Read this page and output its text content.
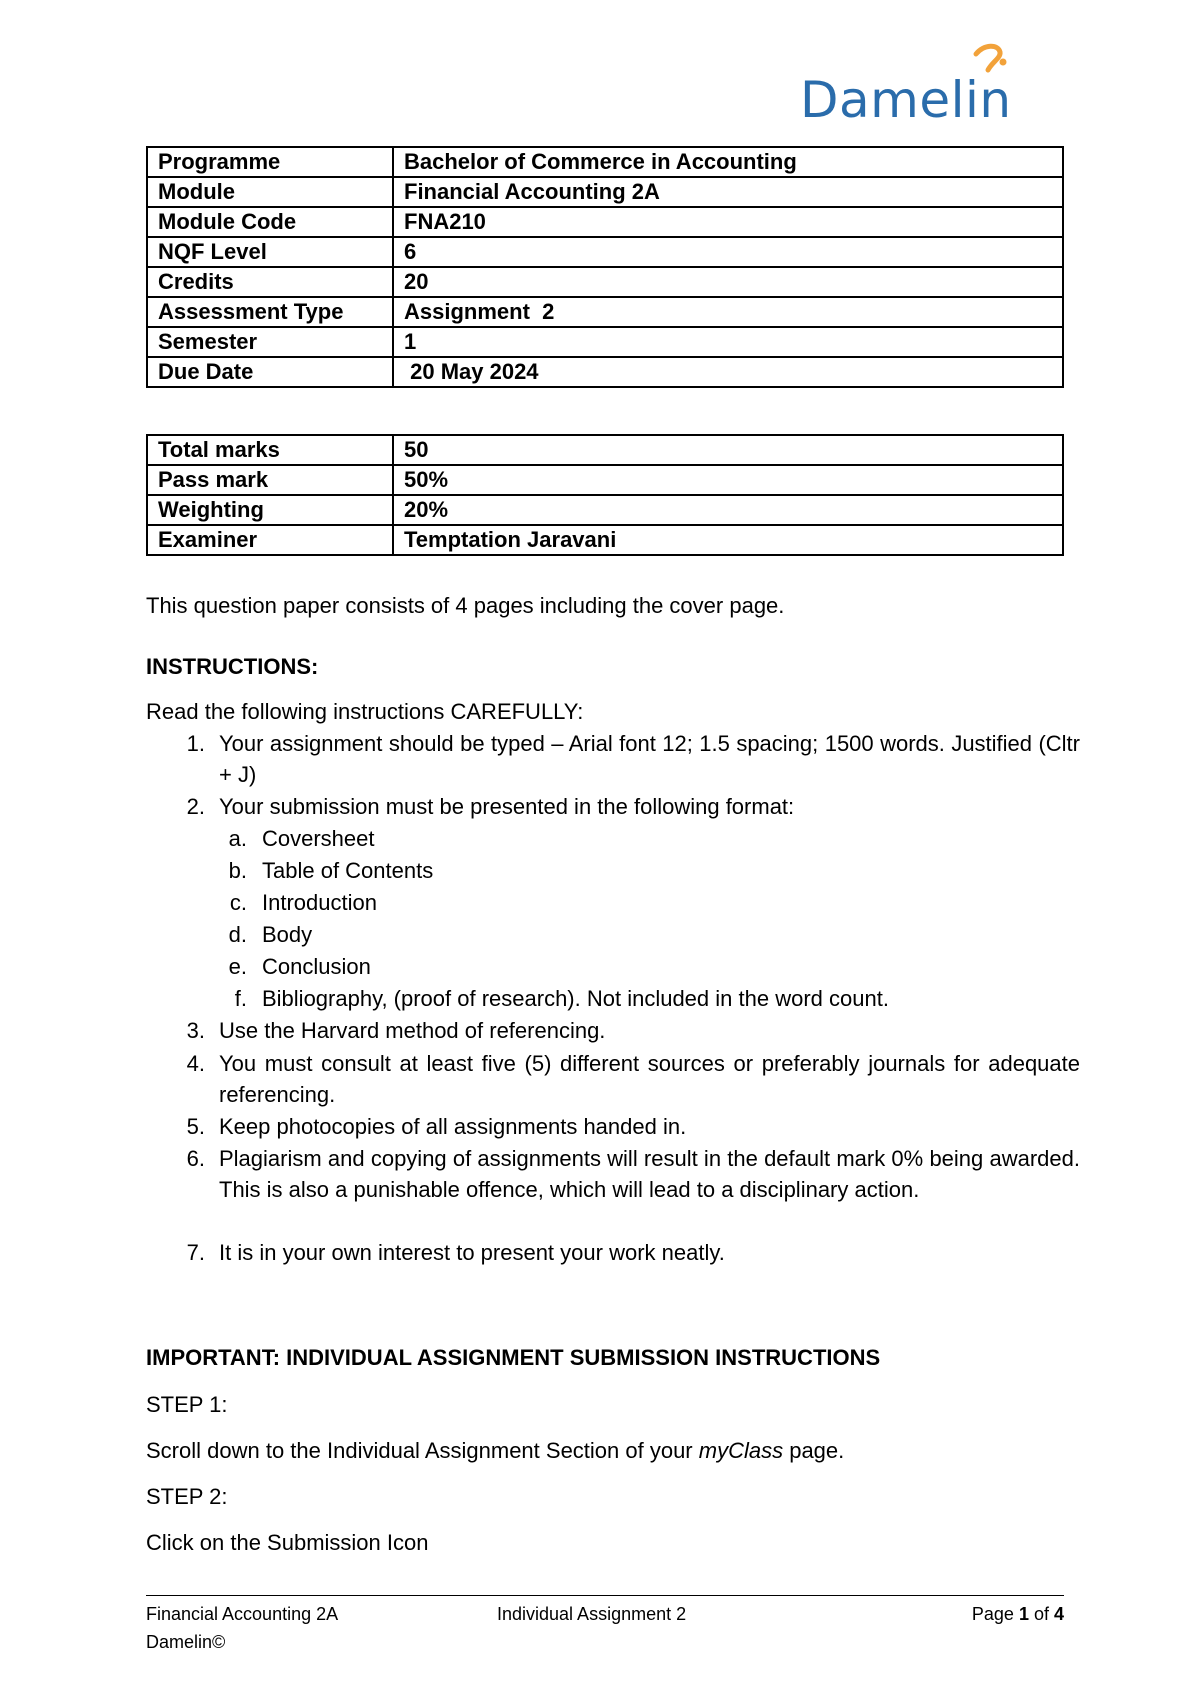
Damelin
Programme	Bachelor of Commerce in Accounting
Module	Financial Accounting 2A
Module Code	FNA210
NQF Level	6
Credits	20
Assessment Type	Assignment  2
Semester	1
Due Date	20 May 2024
Total marks	50
Pass mark	50%
Weighting	20%
Examiner	Temptation Jaravani
This question paper consists of 4 pages including the cover page.
INSTRUCTIONS:
Read the following instructions CAREFULLY:
1. Your assignment should be typed – Arial font 12; 1.5 spacing; 1500 words. Justified (Cltr + J)
2. Your submission must be presented in the following format:
a. Coversheet
b. Table of Contents
c. Introduction
d. Body
e. Conclusion
f. Bibliography, (proof of research). Not included in the word count.
3. Use the Harvard method of referencing.
4. You must consult at least five (5) different sources or preferably journals for adequate referencing.
5. Keep photocopies of all assignments handed in.
6. Plagiarism and copying of assignments will result in the default mark 0% being awarded. This is also a punishable offence, which will lead to a disciplinary action.
7. It is in your own interest to present your work neatly.
IMPORTANT: INDIVIDUAL ASSIGNMENT SUBMISSION INSTRUCTIONS
STEP 1:
Scroll down to the Individual Assignment Section of your myClass page.
STEP 2:
Click on the Submission Icon
Financial Accounting 2A	Individual Assignment 2	Page 1 of 4
Damelin©
